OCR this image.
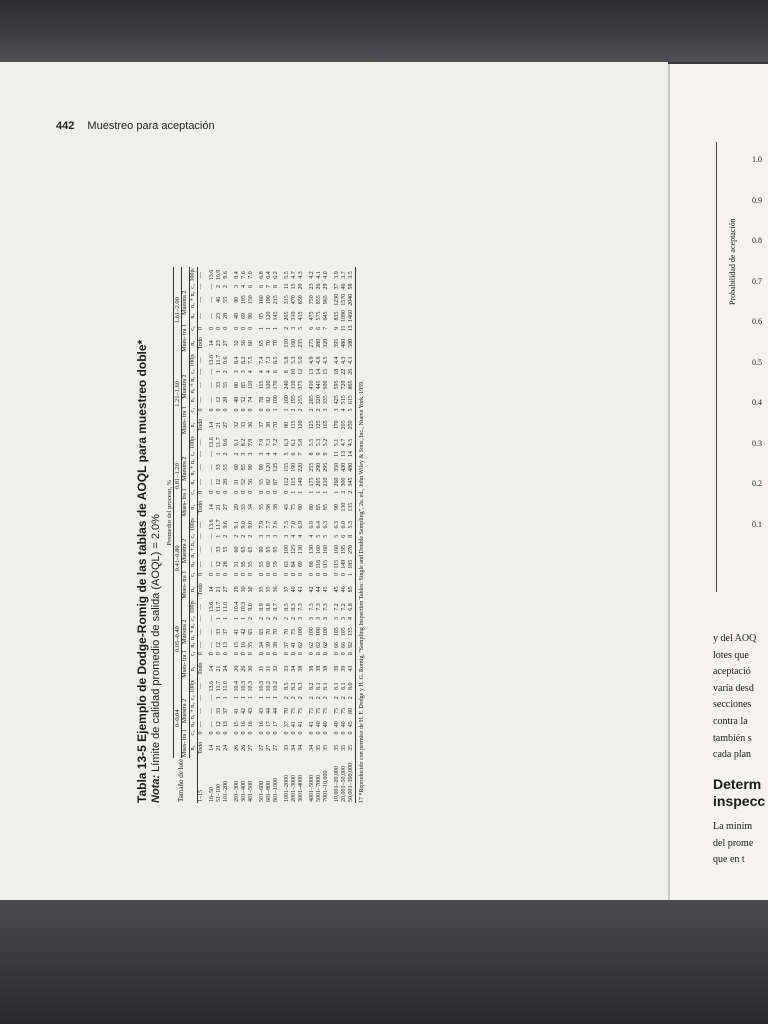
442 Muestreo para aceptación
Tabla 13-5 Ejemplo de Dodge-Romig de las tablas de AOQL para muestreo doble* Nota: Límite de calidad promedio de salida (AOQL) = 2.0%
Tamaño de lote	Promedio del proceso, %																																			
	0–0.04						0.05–0.40						0.41–0.80						0.81–1.20						1.21–1.60						1.61–2.00					
	Mues- tra 1		Muestra 2				Mues- tra 1		Muestra 2				Mues- tra 1		Muestra 2				Mues- tra 1		Muestra 2				Mues- tra 1		Muestra 2				Mues- tra 1		Muestra 2			
	n₁	c₁	n₂	n₁ + n₂	c₂	100pₗ	n₁	c₁	n₂	n₁ + n₂	c₂	100pₗ	n₁	c₁	n₂	n₁ + n₂	c₂	100pₗ	n₁	c₁	n₂	n₁ + n₂	c₂	100pₗ	n₁	c₁	n₂	n₁ + n₂	c₂	100pₗ	n₁	c₁	n₂	n₁ + n₂	c₂	100pₗ
1–15	Todo	0	—	—	—	—	Todo	0	—	—	—	—	Todo	0	—	—	—	—	Todo	0	—	—	—	—	Todo	0	—	—	—	—	Todo	0	—	—	—	—
16–50	14	0	—	—	—	13.6	14	0	—	—	—	13.6	14	0	—	—	—	13.6	14	0	—	—	—	13.6	14	0	—	—	—	13.6	14	0	—	—	—	13.6
51–100	21	0	12	33	1	11.7	21	0	12	33	1	11.7	21	0	12	33	1	11.7	21	0	12	33	1	11.7	21	0	12	33	1	11.7	23	0	23	46	2	10.9
101–200	24	0	13	37	1	11.0	24	0	13	37	1	11.0	27	0	28	55	2	9.6	27	0	28	55	2	9.6	27	0	28	55	2	9.6	27	0	28	55	2	9.6
201–300	26	0	15	41	1	10.4	26	0	15	41	1	10.4	29	0	31	60	2	9.1	29	0	31	60	2	9.1	32	0	48	80	3	8.4	32	0	48	80	3	8.4
301–400	26	0	16	42	1	10.3	26	0	16	42	1	10.3	30	0	35	65	2	9.0	33	0	52	85	3	8.2	33	0	52	85	3	8.2	36	0	69	105	4	7.6
401–500	27	0	16	43	1	10.3	30	0	35	65	2	9.0	30	0	35	65	2	9.0	34	0	56	90	3	7.9	36	0	74	110	4	7.5	60	0	90	150	6	7.0
501–600	27	0	16	43	1	10.3	31	0	34	65	2	8.9	35	0	55	90	3	7.9	35	0	55	90	3	7.9	37	0	78	115	4	7.4	65	1	95	160	6	6.8
601–800	27	0	17	44	1	10.2	31	0	39	70	2	8.8	35	0	60	95	3	7.7	38	0	82	120	4	7.3	38	0	82	120	4	7.3	70	1	120	190	7	6.4
801–1000	27	0	17	44	1	10.2	32	0	38	70	2	8.7	36	0	59	95	3	7.6	38	0	87	125	4	7.2	70	1	100	170	6	6.5	70	1	145	215	8	6.2
1001–2000	33	0	37	70	2	8.5	33	0	37	70	2	8.5	37	0	63	100	3	7.5	43	0	112	155	5	6.3	80	1	160	240	8	5.8	110	2	205	315	11	5.5
2001–3000	34	0	41	75	2	8.3	34	0	41	75	2	8.3	40	0	84	125	4	7.0	75	1	115	190	6	6.1	115	2	195	310	10	5.3	160	3	310	470	15	4.7
3001–4000	34	0	41	75	2	8.3	38	0	62	100	3	7.3	41	0	89	130	4	6.9	80	1	140	220	7	5.8	120	2	255	375	12	5.0	235	5	415	650	20	4.3
4001–5000	34	0	41	75	2	8.2	38	0	62	100	3	7.3	42	0	88	130	4	6.9	80	1	175	255	8	5.5	125	2	285	410	13	4.9	275	6	475	750	23	4.2
5001–7000	35	0	40	75	2	8.1	38	0	62	100	3	7.3	44	0	116	160	5	6.4	85	1	205	290	9	5.3	125	2	320	445	14	4.8	280	6	575	855	26	4.1
7001–10,000	35	0	40	75	2	8.1	38	0	62	100	3	7.3	45	0	115	160	5	6.3	85	1	210	295	9	5.2	165	3	335	500	15	4.5	320	7	645	965	29	4.0
10,001–20,000	35	0	40	75	2	8.1	39	0	66	105	3	7.2	45	0	115	160	5	6.3	90	1	260	350	11	5.1	170	3	425	595	18	4.4	395	9	835	1230	37	3.9
20,001–50,000	35	0	40	75	2	8.1	39	0	66	105	3	7.2	46	0	149	195	6	6.0	130	2	300	430	13	4.7	205	4	515	720	22	4.3	480	11	1090	1570	46	3.7
50,001–100,000	35	0	45	80	2	8.0	43	0	92	135	4	6.8	85	1	185	270	8	5.3	135	2	345	480	14	4.5	250	5	615	865	26	4.1	580	13	1460	2040	58	3.5
17 *Reproducido con permiso de H. F. Dodge y H. G. Romig, "Sampling Inspection Tables: Single and Double Sampling", 2a. ed., John Wiley & Sons, Inc., Nueva York, 1959.
1.0
0.9
0.8
0.7
0.6
0.5
0.4
0.3
0.2
0.1
Probabilidad de aceptación
y del AOQ
lotes que
aceptació
varía desd
secciones
contra la
también s
cada plan
Determ
inspecc
La minim
del prome
que en t
